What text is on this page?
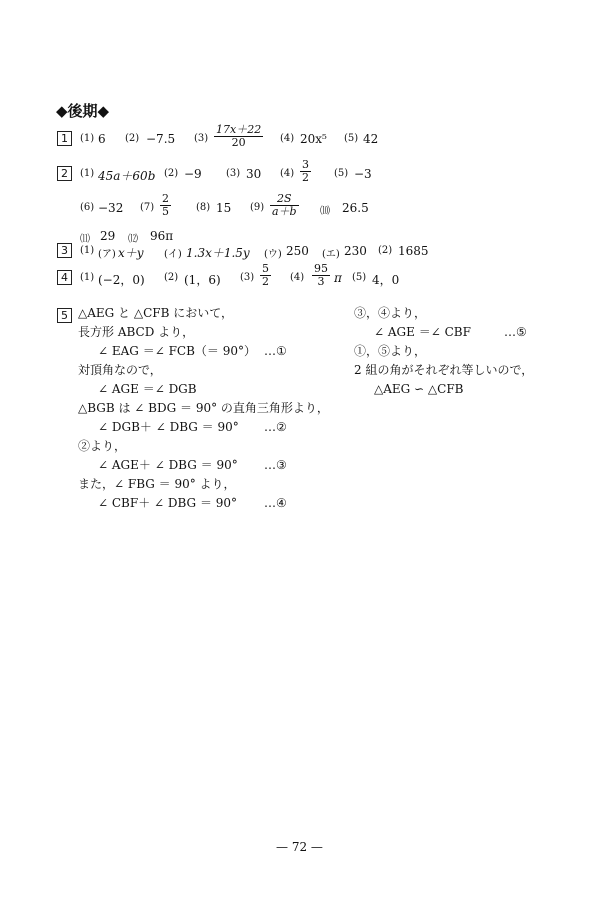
◆後期◆
1	(1) 6 (2) −7.5 $(3) \frac{17x+22}{20} (4)$ 20x⁵ (5) 42
2	(1) 45a＋60b (2) −9 (3) 30 $(4) \frac{3}{2} (5) -3$
(6) −32 $(7) \frac{2}{5}$	(8) 15 $(9) \frac{2S}{a+b}$ ⑽ 26.5
⑾ 29 ⑿ 96π
3	(1) (ア) x＋y (イ) 1.3x＋1.5y (ウ) 250 (エ) 230 (2) 1685
4	(1) (−2，0) (2) (1，6) $(3) \frac{5}{2} (4) \frac{95}{3}$ π (5) 4，0
5 △AEG と △CFB において，
長方形 ABCD より，
∠ EAG ＝∠ FCB（＝ 90°） …①
対頂角なので，
∠ AGE ＝∠ DGB
△BGB は ∠ BDG ＝ 90° の直角三角形より，
∠ DGB＋ ∠ DBG ＝ 90° …②
②より，
∠ AGE＋ ∠ DBG ＝ 90° …③
また，∠ FBG ＝ 90° より，
∠ CBF＋ ∠ DBG ＝ 90° …④
③，④より，
∠ AGE ＝∠ CBF	…⑤
①，⑤より，
2 組の角がそれぞれ等しいので，
△AEG ∽ △CFB
— 72 —
